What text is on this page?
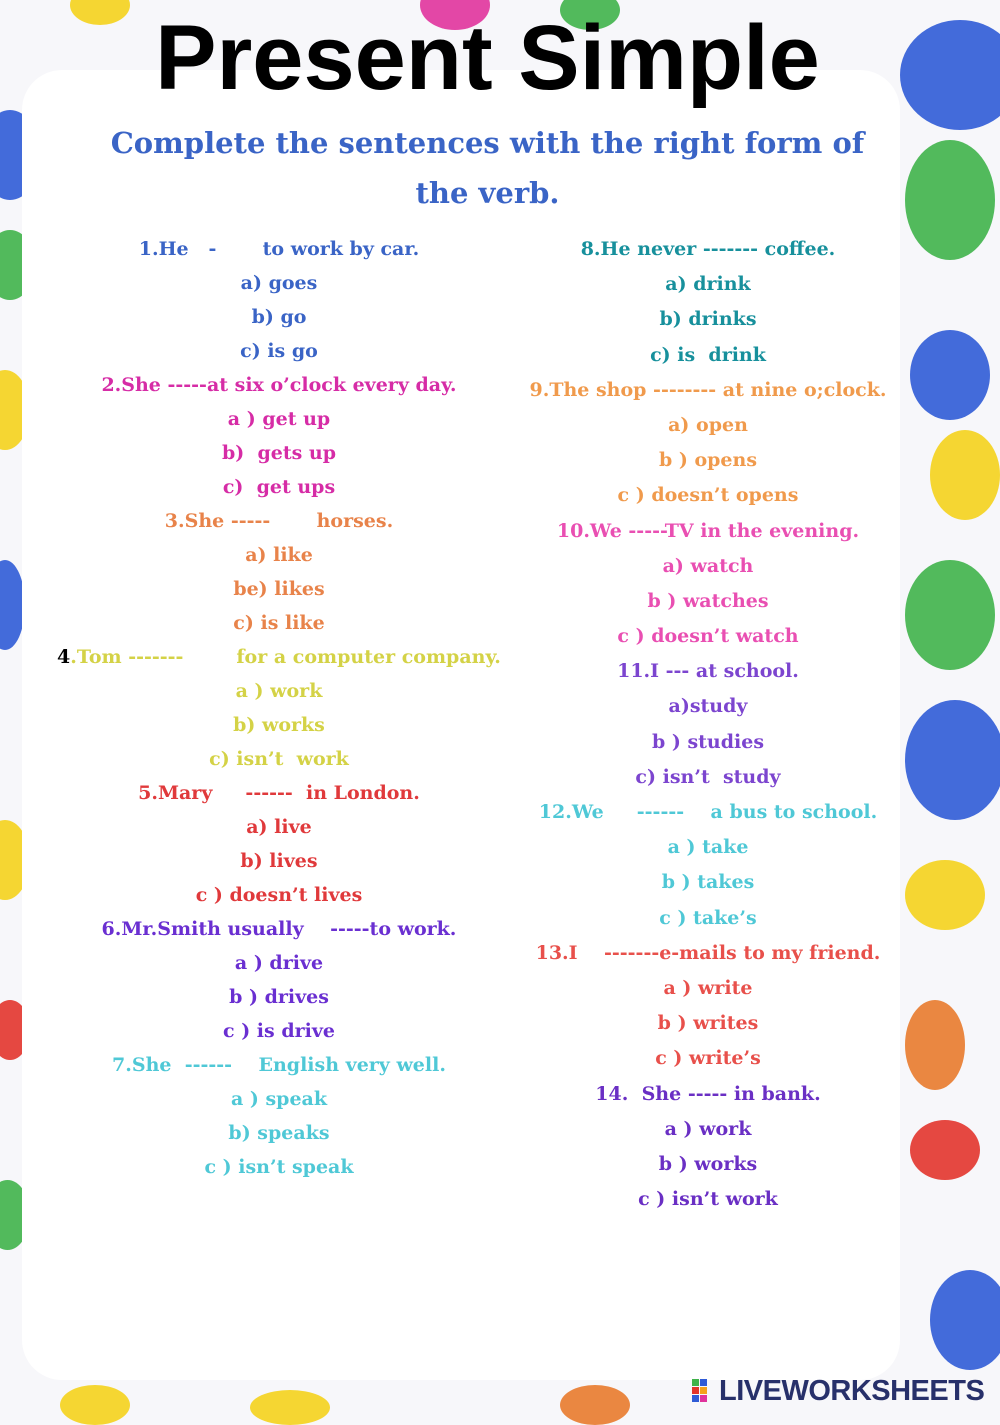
Present Simple

Complete the sentences with the right form of the verb.

1.He   -       to work by car.
a) goes
b) go
c) is go
2.She -----at six o’clock every day.
a ) get up
b)  gets up
c)  get ups
3.She -----       horses.
a) like
be) likes
c) is like
4.Tom -------        for a computer company.
a ) work
b) works
c) isn’t  work
5.Mary     ------  in London.
a) live
b) lives
c ) doesn’t lives
6.Mr.Smith usually    -----to work.
a ) drive
b ) drives
c ) is drive
7.She  ------    English very well.
a ) speak
b) speaks
c ) isn’t speak
8.He never ------- coffee.
a) drink
b) drinks
c) is  drink
9.The shop -------- at nine o;clock.
a) open
b ) opens
c ) doesn’t opens
10.We -----TV in the evening.
a) watch
b ) watches
c ) doesn’t watch
11.I --- at school.
a)study
b ) studies
c) isn’t  study
12.We     ------    a bus to school.
a ) take
b ) takes
c ) take’s
13.I    -------e-mails to my friend.
a ) write
b ) writes
c ) write’s
14.  She ----- in bank.
a ) work
b ) works
c ) isn’t work
LIVEWORKSHEETS
